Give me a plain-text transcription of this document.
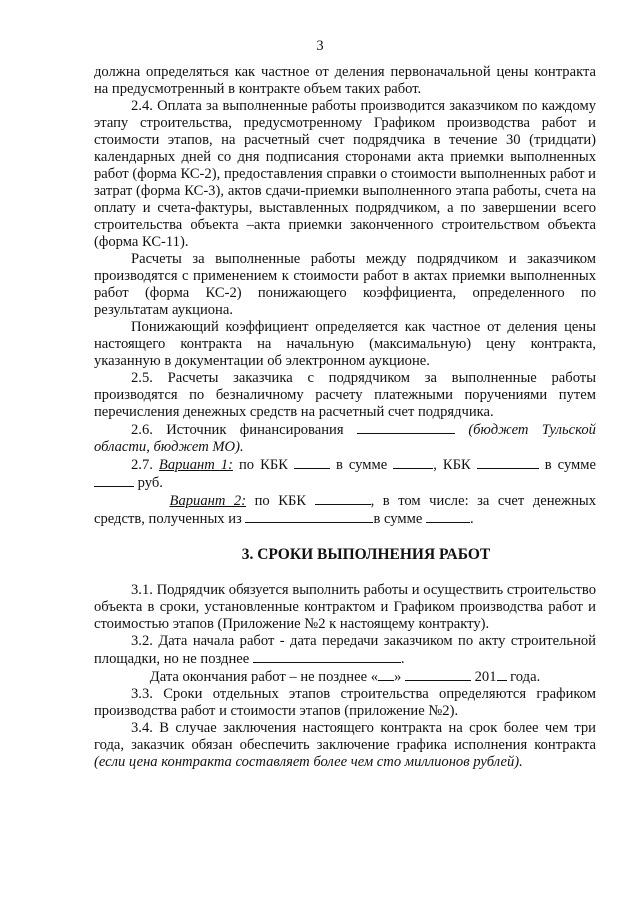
3

должна определяться как частное от деления первоначальной цены контракта на предусмотренный в контракте объем таких работ.

2.4. Оплата за выполненные работы производится заказчиком по каждому этапу строительства, предусмотренному Графиком производства работ и стоимости этапов, на расчетный счет подрядчика в течение 30 (тридцати) календарных дней со дня подписания сторонами акта приемки выполненных работ (форма КС-2), предоставления справки о стоимости выполненных работ и затрат (форма КС-3), актов сдачи-приемки выполненного этапа работы, счета на оплату и счета-фактуры, выставленных подрядчиком, а по завершении всего строительства объекта –акта приемки законченного строительством объекта (форма КС-11).

Расчеты за выполненные работы между подрядчиком и заказчиком производятся с применением к стоимости работ в актах приемки выполненных работ (форма КС-2) понижающего коэффициента, определенного по результатам аукциона.

Понижающий коэффициент определяется как частное от деления цены настоящего контракта на начальную (максимальную) цену контракта, указанную в документации об электронном аукционе.

2.5. Расчеты заказчика с подрядчиком за выполненные работы производятся по безналичному расчету платежными поручениями путем перечисления денежных средств на расчетный счет подрядчика.

2.6. Источник финансирования	(бюджет Тульской области, бюджет МО).

2.7. Вариант 1: по КБК	в сумме	, КБК	в сумме  руб.

Вариант 2: по КБК	, в том числе: за счет денежных средств, полученных из	в сумме	.

3. СРОКИ ВЫПОЛНЕНИЯ РАБОТ

3.1. Подрядчик обязуется выполнить работы и осуществить строительство объекта в сроки, установленные контрактом и Графиком производства работ и стоимостью этапов (Приложение №2 к настоящему контракту).

3.2. Дата начала работ - дата передачи заказчиком по акту строительной площадки, но не позднее	.

Дата окончания работ – не позднее « »	201 года.

3.3. Сроки отдельных этапов строительства определяются графиком производства работ и стоимости этапов (приложение №2).

3.4. В случае заключения настоящего контракта на срок более чем три года, заказчик обязан обеспечить заключение графика исполнения контракта (если цена контракта составляет более чем сто миллионов рублей).
